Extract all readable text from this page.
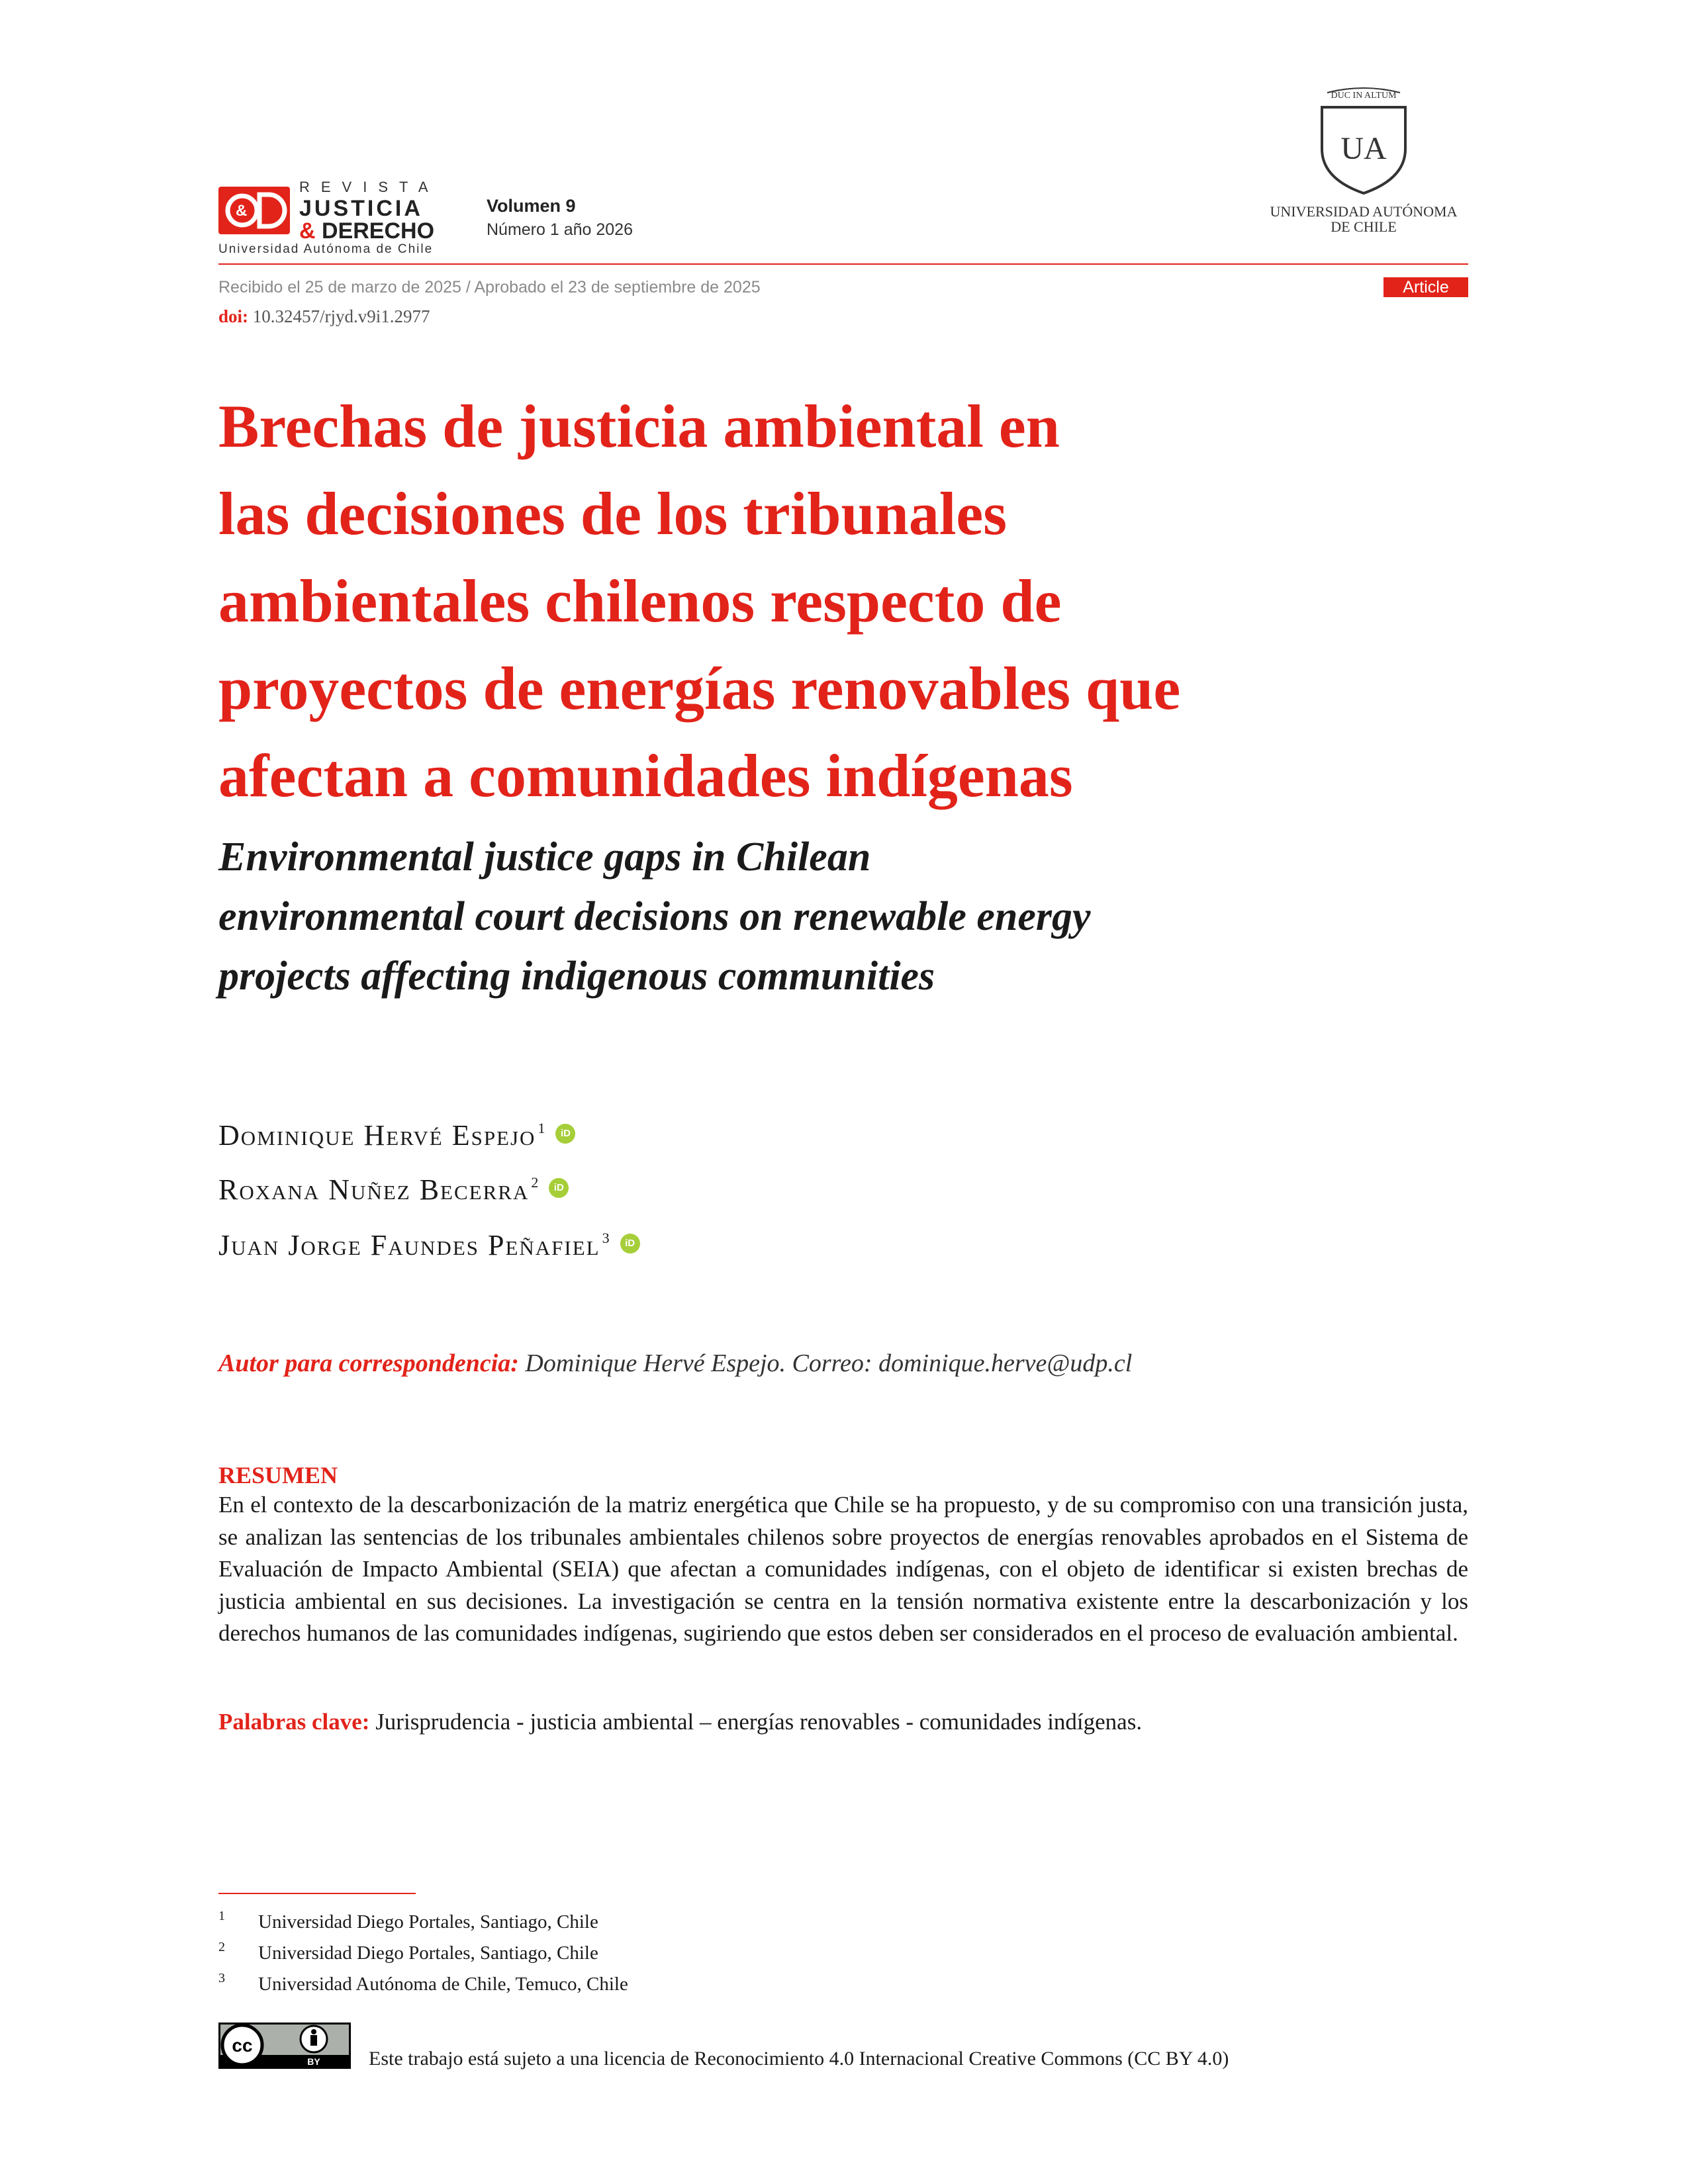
&
REVISTA
JUSTICIA
& DERECHO
Universidad Autónoma de Chile
Volumen 9
Número 1 año 2026
DUC IN ALTUM
UA
UNIVERSIDAD AUTÓNOMA
DE CHILE
Recibido el 25 de marzo de 2025 / Aprobado el 23 de septiembre de 2025	Article
doi: 10.32457/rjyd.v9i1.2977
Brechas de justicia ambiental en
las decisiones de los tribunales
ambientales chilenos respecto de
proyectos de energías renovables que
afectan a comunidades indígenas
Environmental justice gaps in Chilean
environmental court decisions on renewable energy
projects affecting indigenous communities
Dominique Hervé Espejo$^1$	iD
Roxana Nuñez Becerra$^2$	iD
Juan Jorge Faundes Peñafiel$^3$	iD
Autor para correspondencia: Dominique Hervé Espejo. Correo: dominique.herve@udp.cl
RESUMEN
En el contexto de la descarbonización de la matriz energética que Chile se ha propuesto, y de su compromiso con una transición justa, se analizan las sentencias de los tribunales ambientales chilenos sobre proyectos de energías renovables aprobados en el Sistema de Evaluación de Impacto Ambiental (SEIA) que afectan a comunidades indígenas, con el objeto de identificar si existen brechas de justicia ambiental en sus decisiones. La investigación se centra en la tensión normativa existente entre la descarbonización y los derechos humanos de las comunidades indígenas, sugiriendo que estos deben ser considerados en el proceso de evaluación ambiental.
Palabras clave: Jurisprudencia - justicia ambiental – energías renovables - comunidades indígenas.
1	Universidad Diego Portales, Santiago, Chile
2	Universidad Diego Portales, Santiago, Chile
3	Universidad Autónoma de Chile, Temuco, Chile
cc
BY Este trabajo está sujeto a una licencia de Reconocimiento 4.0 Internacional Creative Commons (CC BY 4.0)
